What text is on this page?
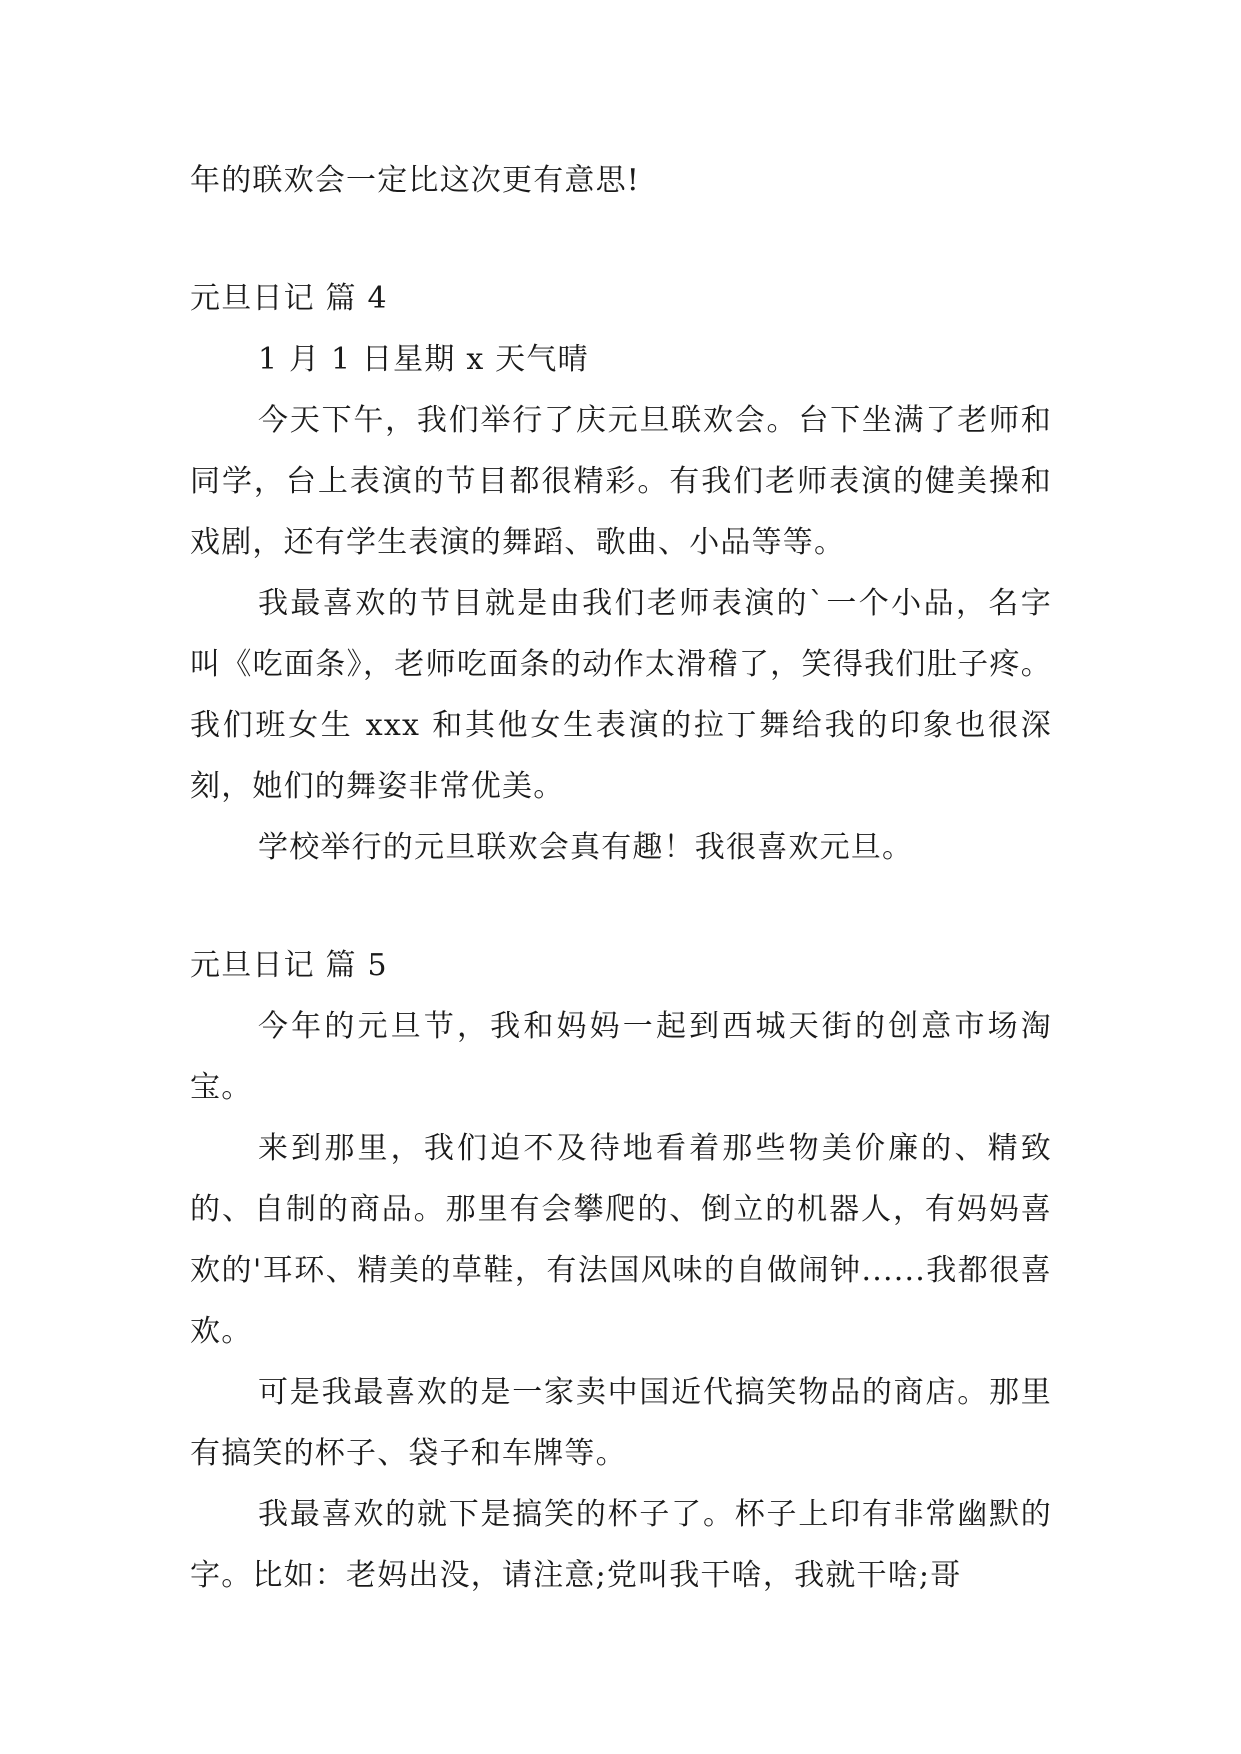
年的联欢会一定比这次更有意思!
元旦日记 篇 4
1 月 1 日星期 x 天气晴

今天下午，我们举行了庆元旦联欢会。台下坐满了老师和同学，台上表演的节目都很精彩。有我们老师表演的健美操和戏剧，还有学生表演的舞蹈、歌曲、小品等等。

我最喜欢的节目就是由我们老师表演的`一个小品，名字叫《吃面条》，老师吃面条的动作太滑稽了，笑得我们肚子疼。我们班女生 xxx 和其他女生表演的拉丁舞给我的印象也很深刻，她们的舞姿非常优美。

学校举行的元旦联欢会真有趣！我很喜欢元旦。

元旦日记 篇 5

今年的元旦节，我和妈妈一起到西城天街的创意市场淘宝。

来到那里，我们迫不及待地看着那些物美价廉的、精致的、自制的商品。那里有会攀爬的、倒立的机器人，有妈妈喜欢的'耳环、精美的草鞋，有法国风味的自做闹钟......我都很喜欢。

可是我最喜欢的是一家卖中国近代搞笑物品的商店。那里有搞笑的杯子、袋子和车牌等。

我最喜欢的就下是搞笑的杯子了。杯子上印有非常幽默的字。比如：老妈出没，请注意;党叫我干啥，我就干啥;哥
